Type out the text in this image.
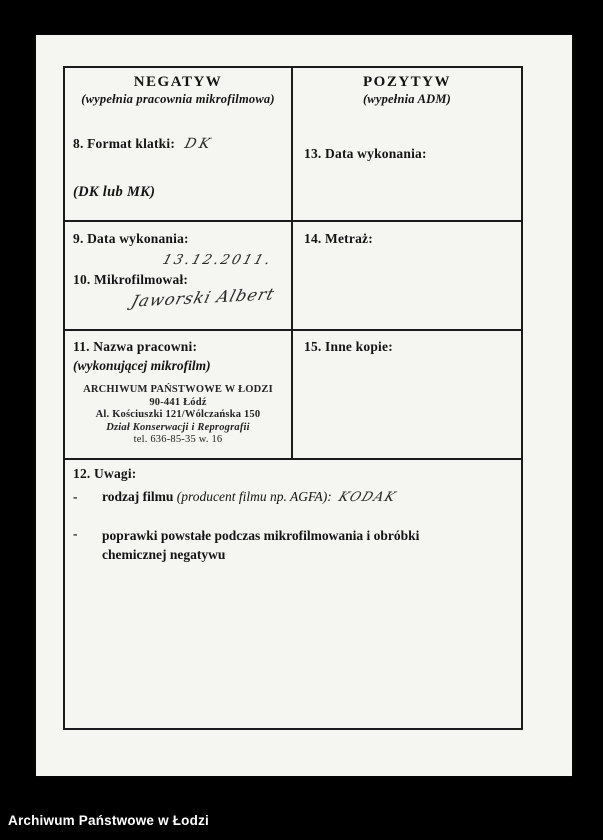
NEGATYW
(wypełnia pracownia mikrofilmowa)
8. Format klatki: DK
(DK lub MK)
POZYTYW
(wypełnia ADM)
13. Data wykonania:
9. Data wykonania:
13.12.2011.
10. Mikrofilmował:
Jaworski Albert
14. Metraż:
11. Nazwa pracowni:
(wykonującej mikrofilm)
ARCHIWUM PAŃSTWOWE W ŁODZI
90-441 Łódź
Al. Kościuszki 121/Wólczańska 150
Dział Konserwacji i Reprografii
tel. 636-85-35 w. 16
15. Inne kopie:
12. Uwagi:
-	rodzaj filmu (producent filmu np. AGFA): KODAK
-	poprawki powstałe podczas mikrofilmowania i obróbki chemicznej negatywu
Archiwum Państwowe w Łodzi
